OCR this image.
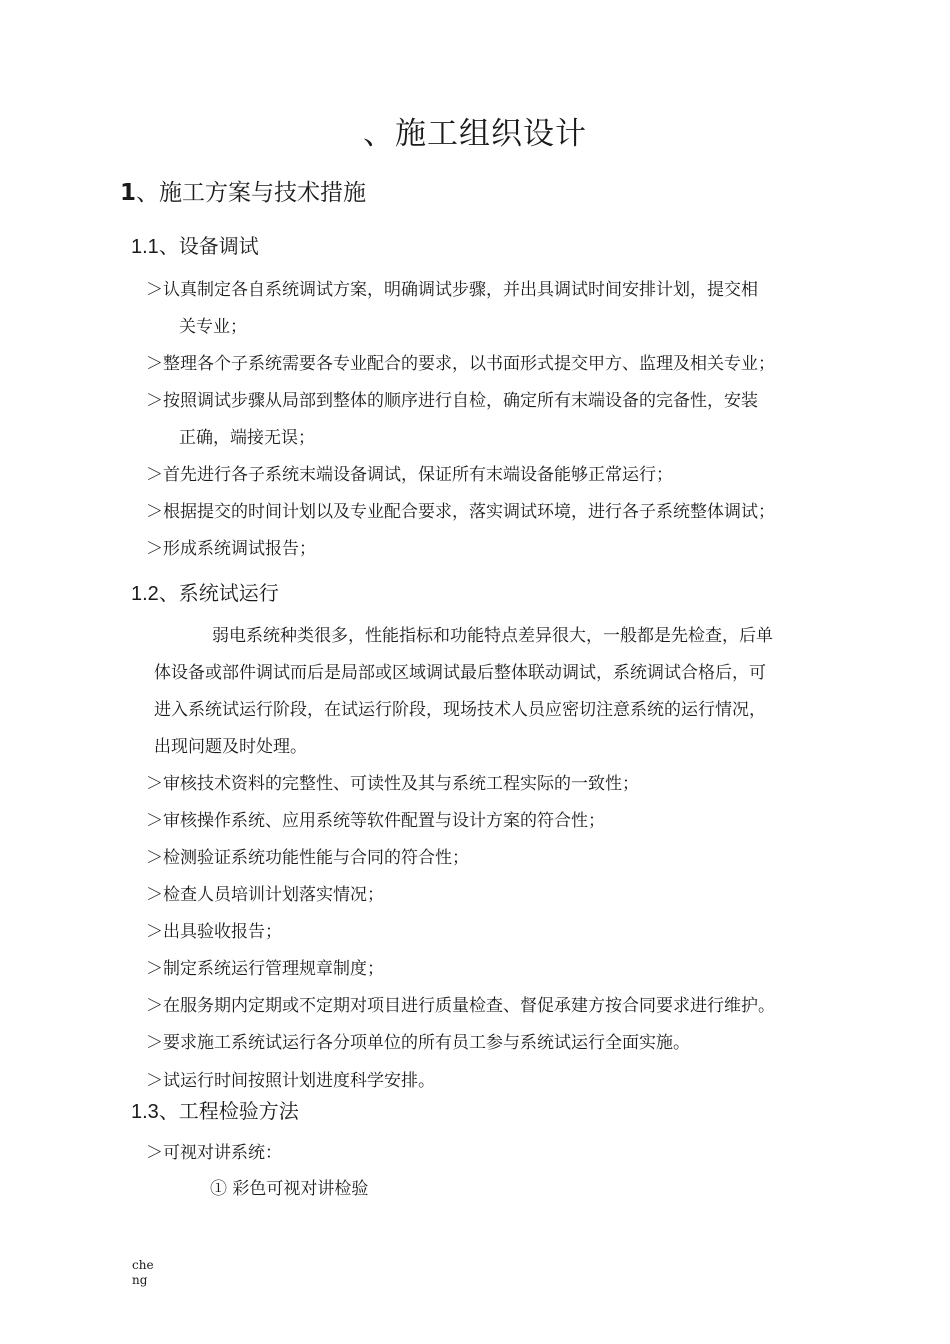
、施工组织设计
1、施工方案与技术措施
1.1、设备调试
＞认真制定各自系统调试方案，明确调试步骤，并出具调试时间安排计划，提交相
关专业；
＞整理各个子系统需要各专业配合的要求，以书面形式提交甲方、监理及相关专业；
＞按照调试步骤从局部到整体的顺序进行自检，确定所有末端设备的完备性，安装
正确，端接无误；
＞首先进行各子系统末端设备调试，保证所有末端设备能够正常运行；
＞根据提交的时间计划以及专业配合要求，落实调试环境，进行各子系统整体调试；
＞形成系统调试报告；
1.2、系统试运行
弱电系统种类很多，性能指标和功能特点差异很大，一般都是先检查，后单
体设备或部件调试而后是局部或区域调试最后整体联动调试，系统调试合格后，可
进入系统试运行阶段，在试运行阶段，现场技术人员应密切注意系统的运行情况，
出现问题及时处理。
＞审核技术资料的完整性、可读性及其与系统工程实际的一致性；
＞审核操作系统、应用系统等软件配置与设计方案的符合性；
＞检测验证系统功能性能与合同的符合性；
＞检查人员培训计划落实情况；
＞出具验收报告；
＞制定系统运行管理规章制度；
＞在服务期内定期或不定期对项目进行质量检查、督促承建方按合同要求进行维护。
＞要求施工系统试运行各分项单位的所有员工参与系统试运行全面实施。
＞试运行时间按照计划进度科学安排。
1.3、工程检验方法
＞可视对讲系统：
① 彩色可视对讲检验
che
ng
